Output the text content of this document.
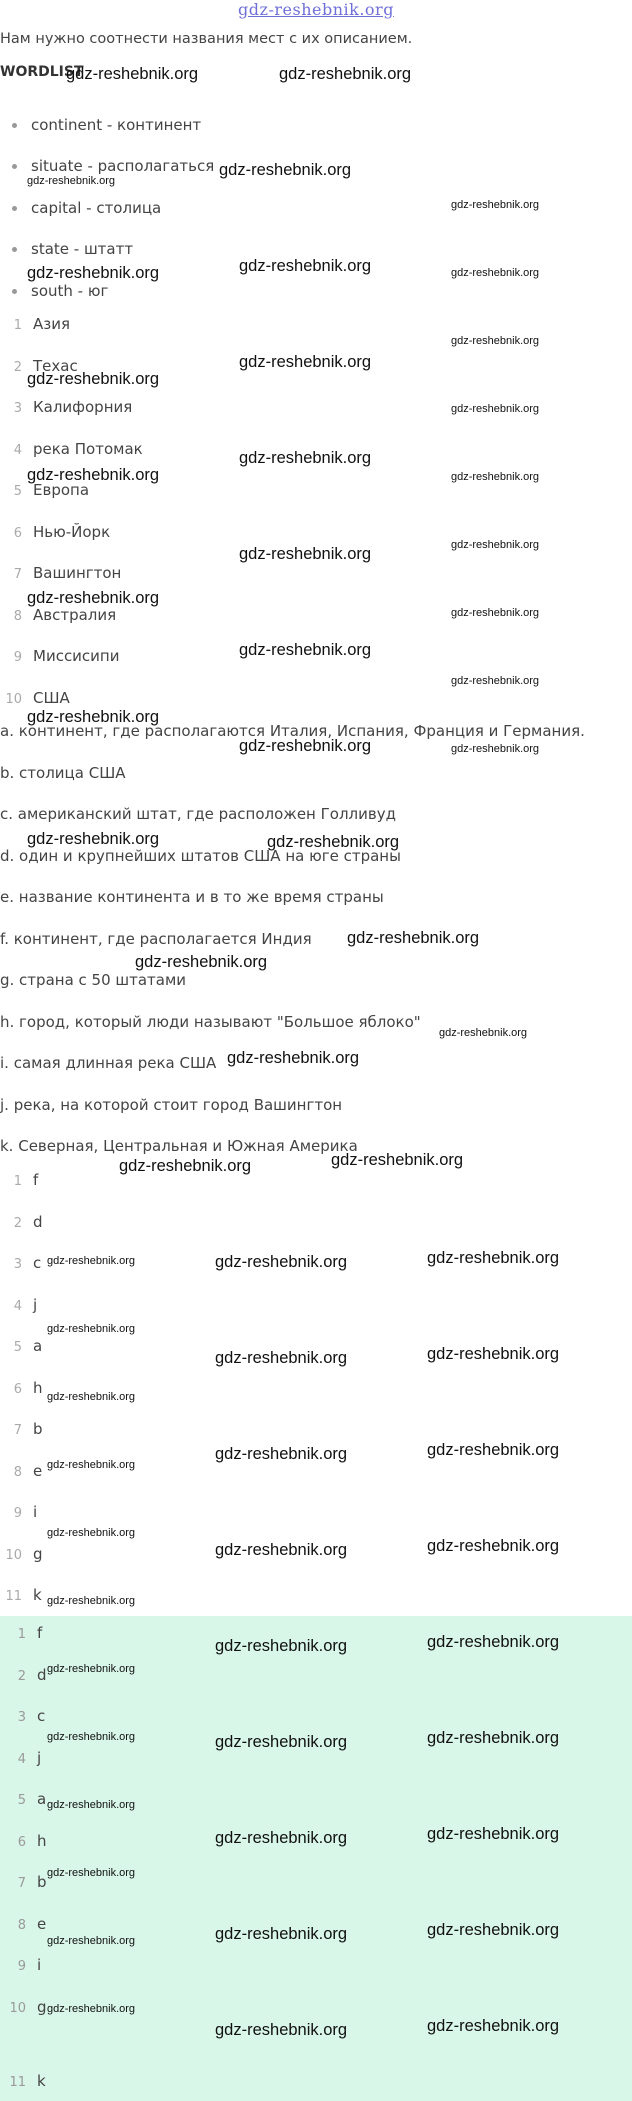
gdz-reshebnik.org
Нам нужно соотнести названия мест с их описанием.
WORDLIST
continent - континент
situate - располагаться
capital - столица
state - штатт
south - юг
1 Азия
2 Техас
3 Калифорния
4 река Потомак
5 Европа
6 Нью-Йорк
7 Вашингтон
8 Австралия
9 Миссисипи
10 США
a. континент, где располагаются Италия, Испания, Франция и Германия.
b. столица США
c. американский штат, где расположен Голливуд
d. один и крупнейших штатов США на юге страны
e. название континента и в то же время страны
f. континент, где располагается Индия
g. страна с 50 штатами
h. город, который люди называют "Большое яблоко"
i. самая длинная река США
j. река, на которой стоит город Вашингтон
k. Северная, Центральная и Южная Америка
1 f
2 d
3 c
4 j
5 a
6 h
7 b
8 e
9 i
10 g
11 k
1 f
2 d
3 c
4 j
5 a
6 h
7 b
8 e
9 i
10 g
11 k
gdz-reshebnik.org	gdz-reshebnik.org
gdz-reshebnik.org
gdz-reshebnik.org	gdz-reshebnik.org
gdz-reshebnik.org
gdz-reshebnik.org
gdz-reshebnik.org
gdz-reshebnik.org
gdz-reshebnik.org
gdz-reshebnik.org
gdz-reshebnik.org
gdz-reshebnik.org
gdz-reshebnik.org
gdz-reshebnik.org	gdz-reshebnik.org
gdz-reshebnik.org
gdz-reshebnik.org
gdz-reshebnik.org
gdz-reshebnik.org
gdz-reshebnik.org
gdz-reshebnik.org	gdz-reshebnik.org
gdz-reshebnik.org	gdz-reshebnik.org
gdz-reshebnik.org	gdz-reshebnik.org
gdz-reshebnik.org	gdz-reshebnik.org
gdz-reshebnik.org	gdz-reshebnik.org
gdz-reshebnik.org	gdz-reshebnik.org
gdz-reshebnik.org	gdz-reshebnik.org
gdz-reshebnik.org	gdz-reshebnik.org
gdz-reshebnik.org	gdz-reshebnik.org
gdz-reshebnik.org
gdz-reshebnik.org
gdz-reshebnik.org
gdz-reshebnik.org
gdz-reshebnik.org
gdz-reshebnik.org
gdz-reshebnik.org
gdz-reshebnik.org
gdz-reshebnik.org
gdz-reshebnik.org
gdz-reshebnik.org
gdz-reshebnik.org
gdz-reshebnik.org
gdz-reshebnik.org
gdz-reshebnik.org
gdz-reshebnik.org
gdz-reshebnik.org
gdz-reshebnik.org
gdz-reshebnik.org
gdz-reshebnik.org
gdz-reshebnik.org
gdz-reshebnik.org
gdz-reshebnik.org
